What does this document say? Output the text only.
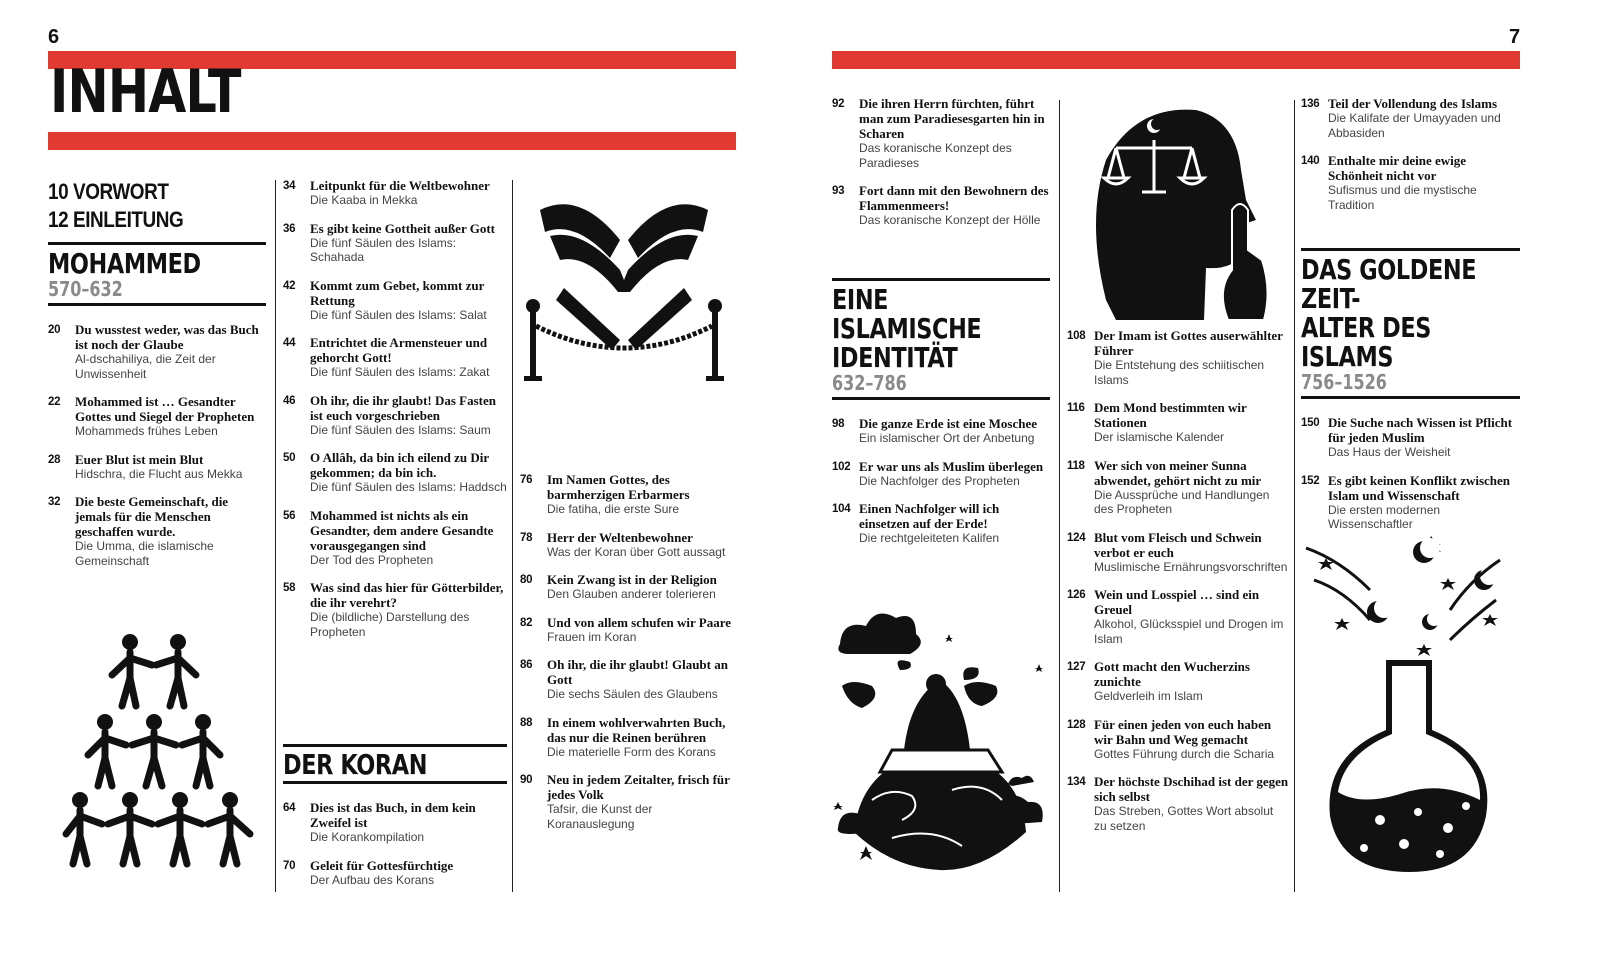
6	7
INHALT
10 VORWORT
12 EINLEITUNG
MOHAMMED
570–632
20	Du wusstest weder, was das Buch ist noch der Glaube
Al-dschahiliya, die Zeit der Unwissenheit
22	Mohammed ist … Gesandter Gottes und Siegel der Propheten
Mohammeds frühes Leben
28	Euer Blut ist mein Blut
Hidschra, die Flucht aus Mekka
32	Die beste Gemeinschaft, die jemals für die Menschen geschaffen wurde.
Die Umma, die islamische Gemeinschaft
34	Leitpunkt für die Weltbewohner
Die Kaaba in Mekka
36	Es gibt keine Gottheit außer Gott
Die fünf Säulen des Islams: Schahada
42	Kommt zum Gebet, kommt zur Rettung
Die fünf Säulen des Islams: Salat
44	Entrichtet die Armensteuer und gehorcht Gott!
Die fünf Säulen des Islams: Zakat
46	Oh ihr, die ihr glaubt! Das Fasten ist euch vorgeschrieben
Die fünf Säulen des Islams: Saum
50	O Allâh, da bin ich eilend zu Dir gekommen; da bin ich.
Die fünf Säulen des Islams: Haddsch
56	Mohammed ist nichts als ein Gesandter, dem andere Gesandte vorausgegangen sind
Der Tod des Propheten
58	Was sind das hier für Götterbilder, die ihr verehrt?
Die (bildliche) Darstellung des Propheten
DER KORAN
64	Dies ist das Buch, in dem kein Zweifel ist
Die Korankompilation
70	Geleit für Gottesfürchtige
Der Aufbau des Korans
76	Im Namen Gottes, des barmherzigen Erbarmers
Die fatiha, die erste Sure
78	Herr der Weltenbewohner
Was der Koran über Gott aussagt
80	Kein Zwang ist in der Religion
Den Glauben anderer tolerieren
82	Und von allem schufen wir Paare
Frauen im Koran
86	Oh ihr, die ihr glaubt! Glaubt an Gott
Die sechs Säulen des Glaubens
88	In einem wohlverwahrten Buch, das nur die Reinen berühren
Die materielle Form des Korans
90	Neu in jedem Zeitalter, frisch für jedes Volk
Tafsir, die Kunst der Koranauslegung
92	Die ihren Herrn fürchten, führt man zum Paradiesesgarten hin in Scharen
Das koranische Konzept des Paradieses
93	Fort dann mit den Bewohnern des Flammenmeers!
Das koranische Konzept der Hölle
EINE ISLAMISCHE
IDENTITÄT
632–786
98	Die ganze Erde ist eine Moschee
Ein islamischer Ort der Anbetung
102 Er war uns als Muslim überlegen
Die Nachfolger des Propheten
104 Einen Nachfolger will ich einsetzen auf der Erde!
Die rechtgeleiteten Kalifen
108 Der Imam ist Gottes auserwählter Führer
Die Entstehung des schiitischen Islams
116 Dem Mond bestimmten wir Stationen
Der islamische Kalender
118 Wer sich von meiner Sunna abwendet, gehört nicht zu mir
Die Aussprüche und Handlungen des Propheten
124 Blut vom Fleisch und Schwein verbot er euch
Muslimische Ernährungsvorschriften
126 Wein und Losspiel … sind ein Greuel
Alkohol, Glücksspiel und Drogen im Islam
127 Gott macht den Wucherzins zunichte
Geldverleih im Islam
128 Für einen jeden von euch haben wir Bahn und Weg gemacht
Gottes Führung durch die Scharia
134 Der höchste Dschihad ist der gegen sich selbst
Das Streben, Gottes Wort absolut zu setzen
136 Teil der Vollendung des Islams
Die Kalifate der Umayyaden und Abbasiden
140 Enthalte mir deine ewige Schönheit nicht vor
Sufismus und die mystische Tradition
DAS GOLDENE ZEIT-
ALTER DES ISLAMS
756–1526
150 Die Suche nach Wissen ist Pflicht für jeden Muslim
Das Haus der Weisheit
152 Es gibt keinen Konflikt zwischen Islam und Wissenschaft
Die ersten modernen Wissenschaftler
